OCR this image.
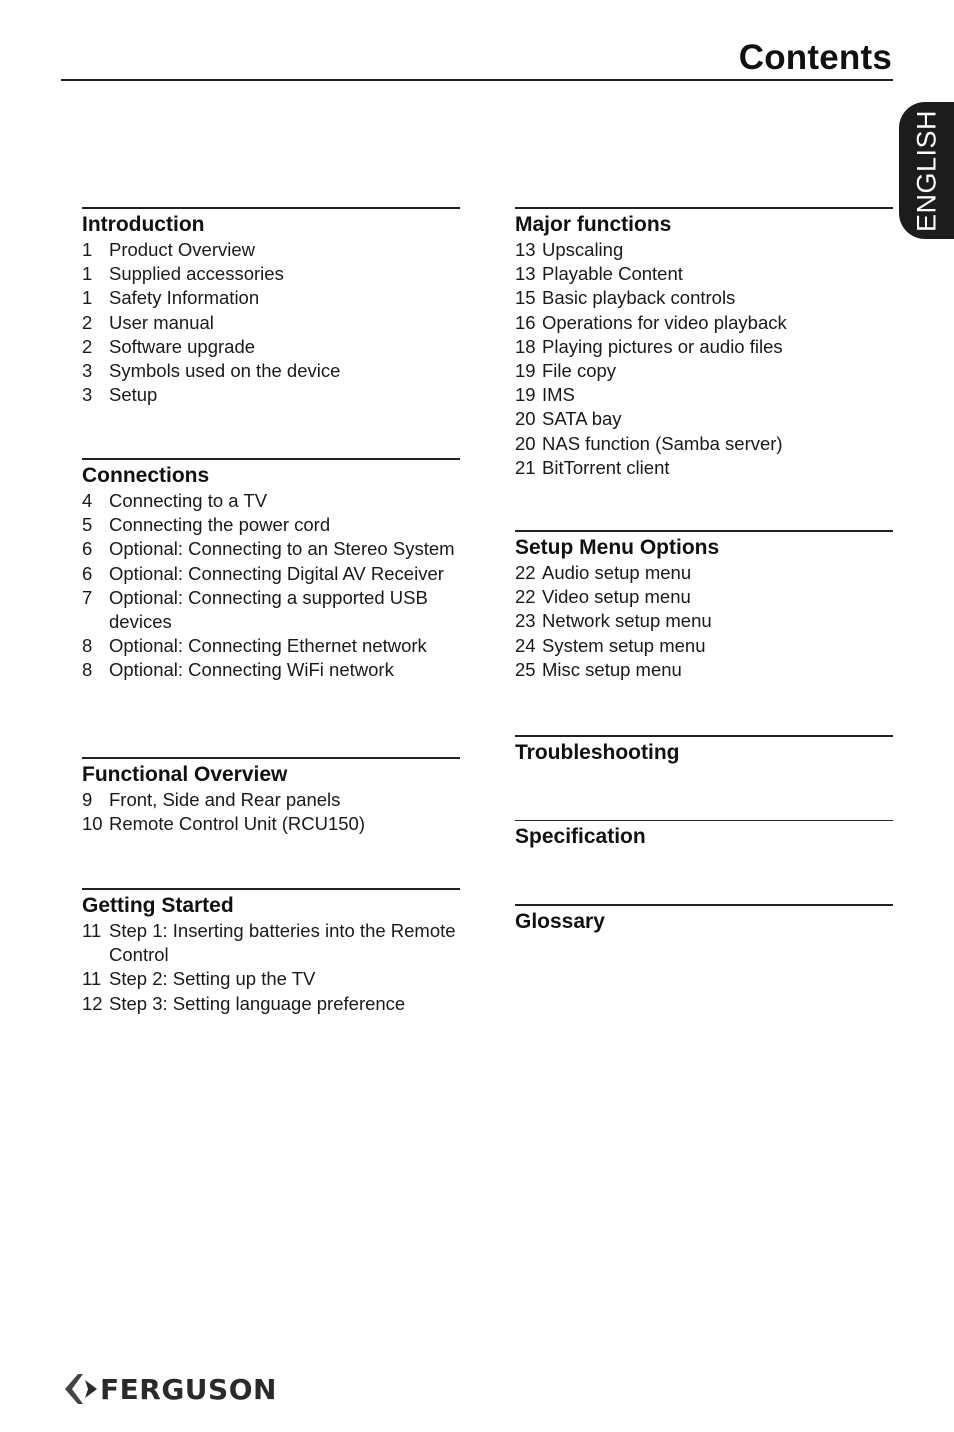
Contents
ENGLISH
Introduction
1 Product Overview
1 Supplied accessories
1 Safety Information
2 User manual
2 Software upgrade
3 Symbols used on the device
3 Setup
Connections
4 Connecting to a TV
5 Connecting the power cord
6 Optional: Connecting to an Stereo System
6 Optional: Connecting Digital AV Receiver
7 Optional: Connecting a supported USB devices
8 Optional: Connecting Ethernet network
8 Optional: Connecting WiFi network
Functional Overview
9 Front, Side and Rear panels
10 Remote Control Unit (RCU150)
Getting Started
11 Step 1: Inserting batteries into the Remote Control
11 Step 2: Setting up the TV
12 Step 3: Setting language preference
Major functions
13 Upscaling
13 Playable Content
15 Basic playback controls
16 Operations for video playback
18 Playing pictures or audio files
19 File copy
19 IMS
20 SATA bay
20 NAS function (Samba server)
21 BitTorrent client
Setup Menu Options
22 Audio setup menu
22 Video setup menu
23 Network setup menu
24 System setup menu
25 Misc setup menu
Troubleshooting
Specification
Glossary
FERGUSON
